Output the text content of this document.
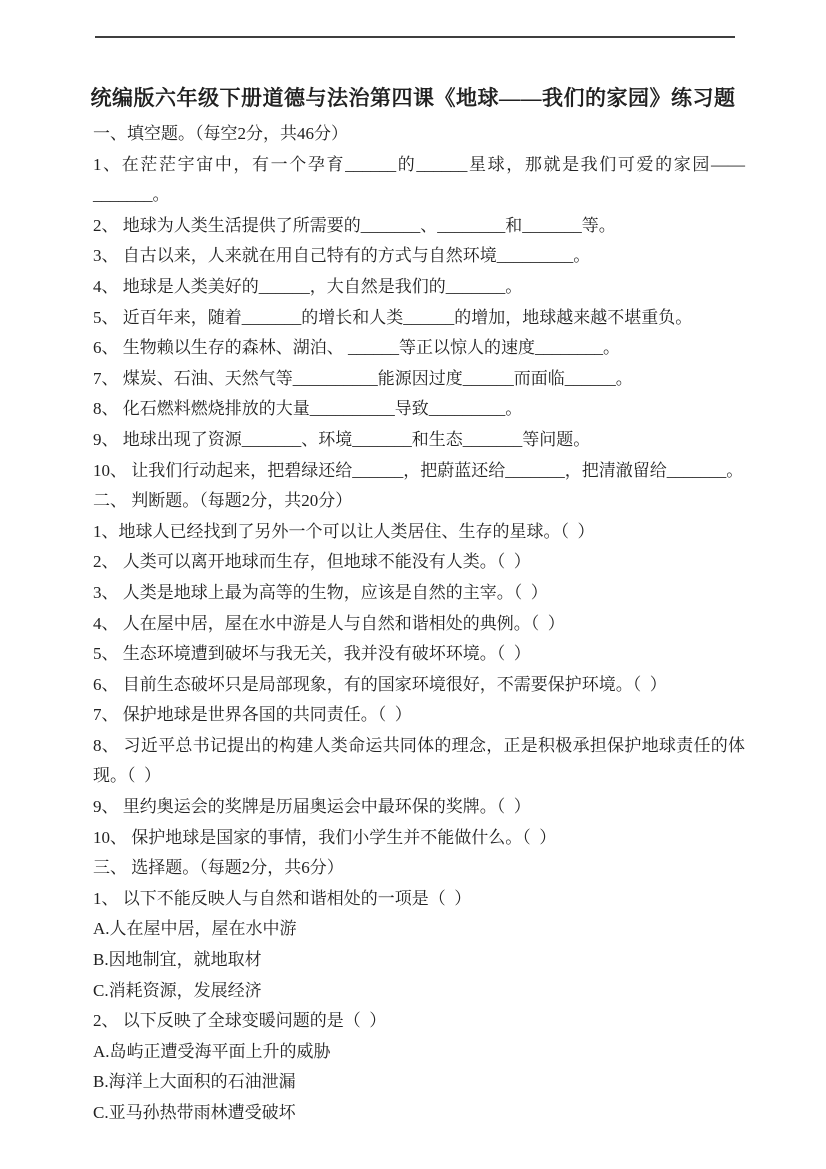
统编版六年级下册道德与法治第四课《地球——我们的家园》练习题

一、填空题。（每空2分，共46分）

1、在茫茫宇宙中，有一个孕育______的______星球，那就是我们可爱的家园——_______。

2、 地球为人类生活提供了所需要的_______、________和_______等。

3、 自古以来，人来就在用自己特有的方式与自然环境_________。

4、 地球是人类美好的______，大自然是我们的_______。

5、 近百年来，随着_______的增长和人类______的增加，地球越来越不堪重负。

6、 生物赖以生存的森林、湖泊、 ______等正以惊人的速度________。

7、 煤炭、石油、天然气等__________能源因过度______而面临______。

8、 化石燃料燃烧排放的大量__________导致_________。

9、 地球出现了资源_______、环境_______和生态_______等问题。

10、 让我们行动起来，把碧绿还给______，把蔚蓝还给_______，把清澈留给_______。

二、 判断题。（每题2分，共20分）

1、地球人已经找到了另外一个可以让人类居住、生存的星球。（  ）

2、 人类可以离开地球而生存，但地球不能没有人类。（  ）

3、 人类是地球上最为高等的生物，应该是自然的主宰。（  ）

4、 人在屋中居，屋在水中游是人与自然和谐相处的典例。（  ）

5、 生态环境遭到破坏与我无关，我并没有破坏环境。（  ）

6、 目前生态破坏只是局部现象，有的国家环境很好，不需要保护环境。（  ）

7、 保护地球是世界各国的共同责任。（  ）

8、 习近平总书记提出的构建人类命运共同体的理念，正是积极承担保护地球责任的体现。（  ）

9、 里约奥运会的奖牌是历届奥运会中最环保的奖牌。（  ）

10、 保护地球是国家的事情，我们小学生并不能做什么。（  ）

三、 选择题。（每题2分，共6分）

1、 以下不能反映人与自然和谐相处的一项是（  ）

A.人在屋中居，屋在水中游

B.因地制宜，就地取材

C.消耗资源，发展经济

2、 以下反映了全球变暖问题的是（  ）

A.岛屿正遭受海平面上升的威胁

B.海洋上大面积的石油泄漏

C.亚马孙热带雨林遭受破坏
